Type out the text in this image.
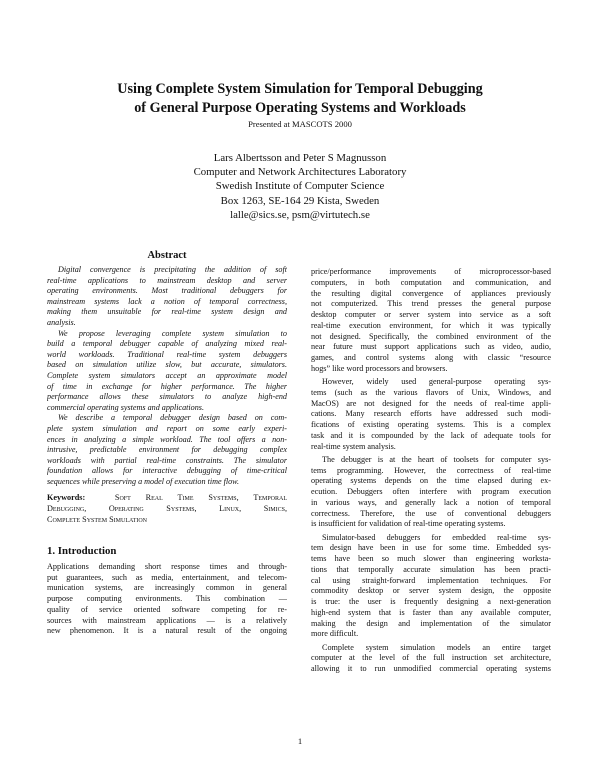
Using Complete System Simulation for Temporal Debugging
of General Purpose Operating Systems and Workloads
Presented at MASCOTS 2000
Lars Albertsson and Peter S Magnusson
Computer and Network Architectures Laboratory
Swedish Institute of Computer Science
Box 1263, SE-164 29 Kista, Sweden
lalle@sics.se, psm@virtutech.se
Abstract
Digital convergence is precipitating the addition of soft
real-time applications to mainstream desktop and server
operating environments. Most traditional debuggers for
mainstream systems lack a notion of temporal correctness,
making them unsuitable for real-time system design and
analysis.
We propose leveraging complete system simulation to
build a temporal debugger capable of analyzing mixed real-
world workloads. Traditional real-time system debuggers
based on simulation utilize slow, but accurate, simulators.
Complete system simulators accept an approximate model
of time in exchange for higher performance. The higher
performance allows these simulators to analyze high-end
commercial operating systems and applications.
We describe a temporal debugger design based on com-
plete system simulation and report on some early experi-
ences in analyzing a simple workload. The tool offers a non-
intrusive, predictable environment for debugging complex
workloads with partial real-time constraints. The simulator
foundation allows for interactive debugging of time-critical
sequences while preserving a model of execution time flow.
Keywords:	Soft Real Time Systems, Temporal
Debugging, Operating Systems, Linux, Simics,
Complete System Simulation
1. Introduction
Applications demanding short response times and through-
put guarantees, such as media, entertainment, and telecom-
munication systems, are increasingly common in general
purpose computing environments. This combination —
quality of service oriented software competing for re-
sources with mainstream applications — is a relatively
new phenomenon. It is a natural result of the ongoing
price/performance improvements of microprocessor-based
computers, in both computation and communication, and
the resulting digital convergence of appliances previously
not computerized. This trend presses the general purpose
desktop computer or server system into service as a soft
real-time execution environment, for which it was typically
not designed. Specifically, the combined environment of the
near future must support applications such as video, audio,
games, and control systems along with classic “resource
hogs” like word processors and browsers.
However, widely used general-purpose operating sys-
tems (such as the various flavors of Unix, Windows, and
MacOS) are not designed for the needs of real-time appli-
cations. Many research efforts have addressed such modi-
fications of existing operating systems. This is a complex
task and it is compounded by the lack of adequate tools for
real-time system analysis.
The debugger is at the heart of toolsets for computer sys-
tems programming. However, the correctness of real-time
operating systems depends on the time elapsed during ex-
ecution. Debuggers often interfere with program execution
in various ways, and generally lack a notion of temporal
correctness. Therefore, the use of conventional debuggers
is insufficient for validation of real-time operating systems.
Simulator-based debuggers for embedded real-time sys-
tem design have been in use for some time. Embedded sys-
tems have been so much slower than engineering worksta-
tions that temporally accurate simulation has been practi-
cal using straight-forward implementation techniques. For
commodity desktop or server system design, the opposite
is true: the user is frequently designing a next-generation
high-end system that is faster than any available computer,
making the design and implementation of the simulator
more difficult.
Complete system simulation models an entire target
computer at the level of the full instruction set architecture,
allowing it to run unmodified commercial operating systems
1
